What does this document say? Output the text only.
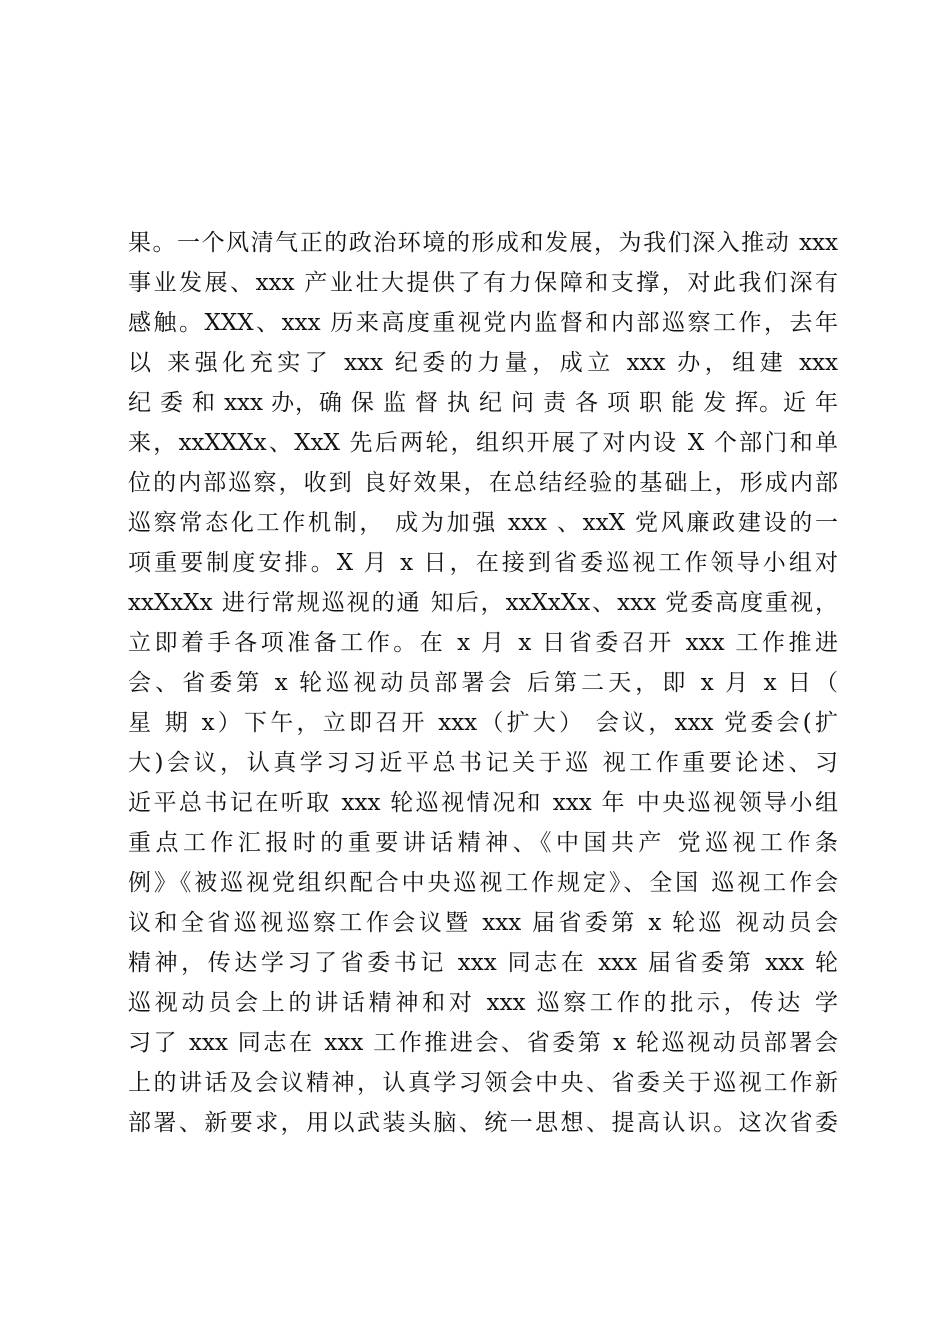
果。一个风清气正的政治环境的形成和发展，为我们深入推动 xxx
事业发展、xxx 产业壮大提供了有力保障和支撑，对此我们深有
感触。XXX、xxx 历来高度重视党内监督和内部巡察工作，去年
以 来强化充实了 xxx 纪委的力量，成立 xxx 办，组建 xxx
纪 委 和 xxx 办，确 保 监 督 执 纪 问 责 各 项 职 能 发 挥。近 年
来，xxXXXx、XxX 先后两轮，组织开展了对内设 X 个部门和单
位的内部巡察，收到 良好效果，在总结经验的基础上，形成内部
巡察常态化工作机制， 成为加强 xxx 、xxX 党风廉政建设的一
项重要制度安排。X 月 x 日，在接到省委巡视工作领导小组对
xxXxXx 进行常规巡视的通 知后，xxXxXx、xxx 党委高度重视，
立即着手各项准备工作。在 x 月 x 日省委召开 xxx 工作推进
会、省委第 x 轮巡视动员部署会 后第二天，即 x 月 x 日（
星 期 x）下午，立即召开 xxx（扩大） 会议，xxx 党委会(扩
大)会议，认真学习习近平总书记关于巡 视工作重要论述、习
近平总书记在听取 xxx 轮巡视情况和 xxx 年 中央巡视领导小组
重点工作汇报时的重要讲话精神、《中国共产 党巡视工作条
例》《被巡视党组织配合中央巡视工作规定》、全国 巡视工作会
议和全省巡视巡察工作会议暨 xxx 届省委第 x 轮巡 视动员会
精神，传达学习了省委书记 xxx 同志在 xxx 届省委第 xxx 轮
巡视动员会上的讲话精神和对 xxx 巡察工作的批示，传达 学
习了 xxx 同志在 xxx 工作推进会、省委第 x 轮巡视动员部署会
上的讲话及会议精神，认真学习领会中央、省委关于巡视工作新
部署、新要求，用以武装头脑、统一思想、提高认识。这次省委
